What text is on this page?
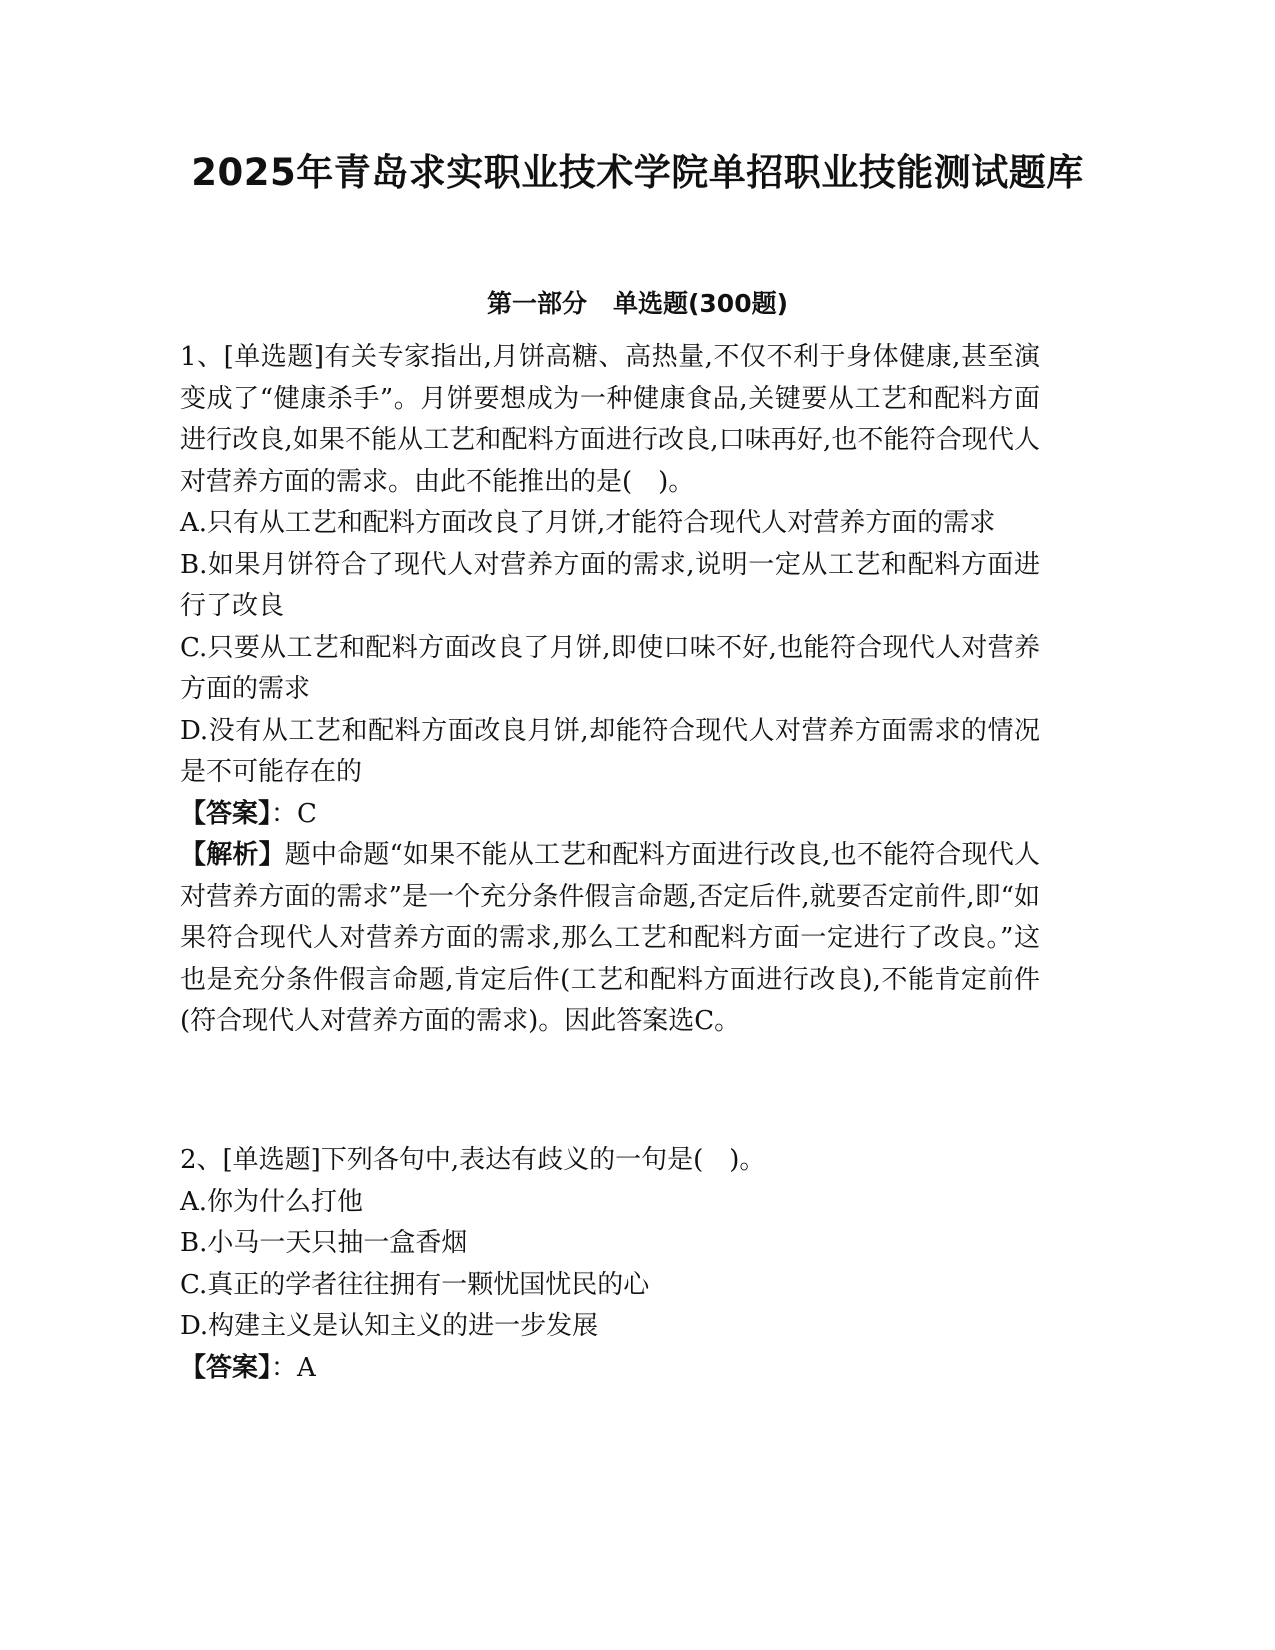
2025年青岛求实职业技术学院单招职业技能测试题库
第一部分 单选题(300题)

1、[单选题]有关专家指出,月饼高糖、高热量,不仅不利于身体健康,甚至演变成了“健康杀手”。月饼要想成为一种健康食品,关键要从工艺和配料方面进行改良,如果不能从工艺和配料方面进行改良,口味再好,也不能符合现代人对营养方面的需求。由此不能推出的是(　)。

A.只有从工艺和配料方面改良了月饼,才能符合现代人对营养方面的需求

B.如果月饼符合了现代人对营养方面的需求,说明一定从工艺和配料方面进行了改良

C.只要从工艺和配料方面改良了月饼,即使口味不好,也能符合现代人对营养方面的需求

D.没有从工艺和配料方面改良月饼,却能符合现代人对营养方面需求的情况是不可能存在的

【答案】：C

【解析】题中命题“如果不能从工艺和配料方面进行改良,也不能符合现代人对营养方面的需求”是一个充分条件假言命题,否定后件,就要否定前件,即“如果符合现代人对营养方面的需求,那么工艺和配料方面一定进行了改良。”这也是充分条件假言命题,肯定后件(工艺和配料方面进行改良),不能肯定前件(符合现代人对营养方面的需求)。因此答案选C。

2、[单选题]下列各句中,表达有歧义的一句是(　)。

A.你为什么打他

B.小马一天只抽一盒香烟

C.真正的学者往往拥有一颗忧国忧民的心

D.构建主义是认知主义的进一步发展

【答案】：A
